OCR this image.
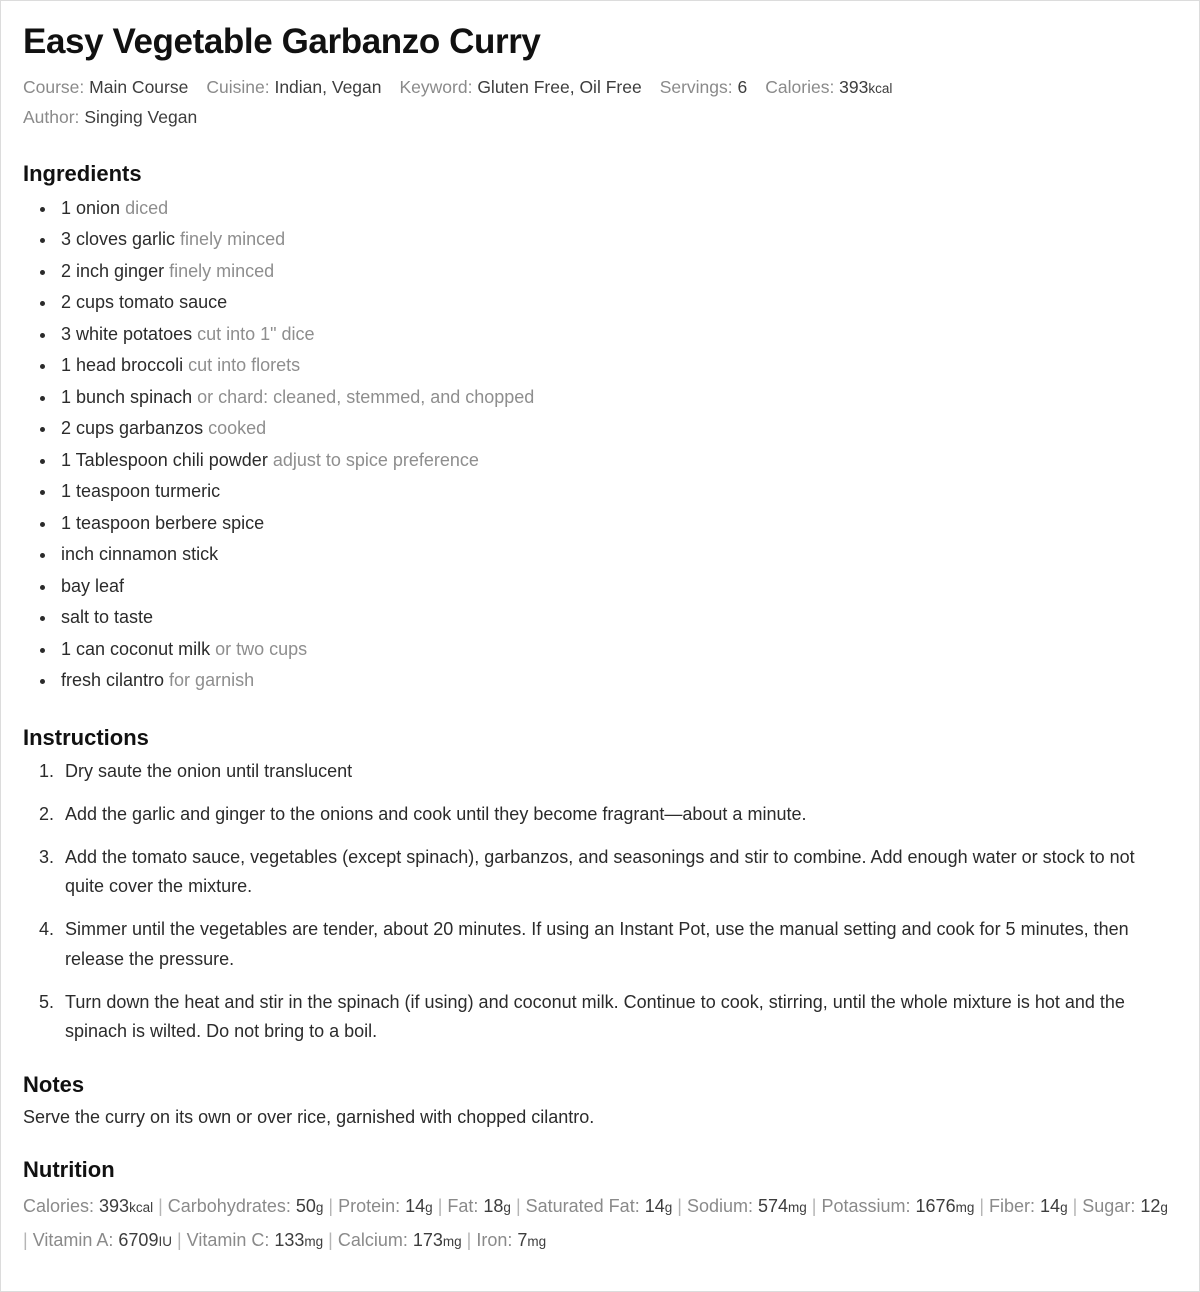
Easy Vegetable Garbanzo Curry
Course: Main Course Cuisine: Indian, Vegan Keyword: Gluten Free, Oil Free Servings: 6 Calories: 393kcal
Author: Singing Vegan
Ingredients
• 1 onion diced
• 3 cloves garlic finely minced
• 2 inch ginger finely minced
• 2 cups tomato sauce
• 3 white potatoes cut into 1" dice
• 1 head broccoli cut into florets
• 1 bunch spinach or chard: cleaned, stemmed, and chopped
• 2 cups garbanzos cooked
• 1 Tablespoon chili powder adjust to spice preference
• 1 teaspoon turmeric
• 1 teaspoon berbere spice
• inch cinnamon stick
• bay leaf
• salt to taste
• 1 can coconut milk or two cups
• fresh cilantro for garnish
Instructions
1. Dry saute the onion until translucent
2. Add the garlic and ginger to the onions and cook until they become fragrant—about a minute.
3. Add the tomato sauce, vegetables (except spinach), garbanzos, and seasonings and stir to combine. Add enough water or stock to not quite cover the mixture.
4. Simmer until the vegetables are tender, about 20 minutes. If using an Instant Pot, use the manual setting and cook for 5 minutes, then release the pressure.
5. Turn down the heat and stir in the spinach (if using) and coconut milk. Continue to cook, stirring, until the whole mixture is hot and the spinach is wilted. Do not bring to a boil.
Notes

Serve the curry on its own or over rice, garnished with chopped cilantro.

Nutrition
Calories: 393kcal | Carbohydrates: 50g | Protein: 14g | Fat: 18g | Saturated Fat: 14g | Sodium: 574mg | Potassium: 1676mg | Fiber: 14g | Sugar: 12g | Vitamin A: 6709IU | Vitamin C: 133mg | Calcium: 173mg | Iron: 7mg
